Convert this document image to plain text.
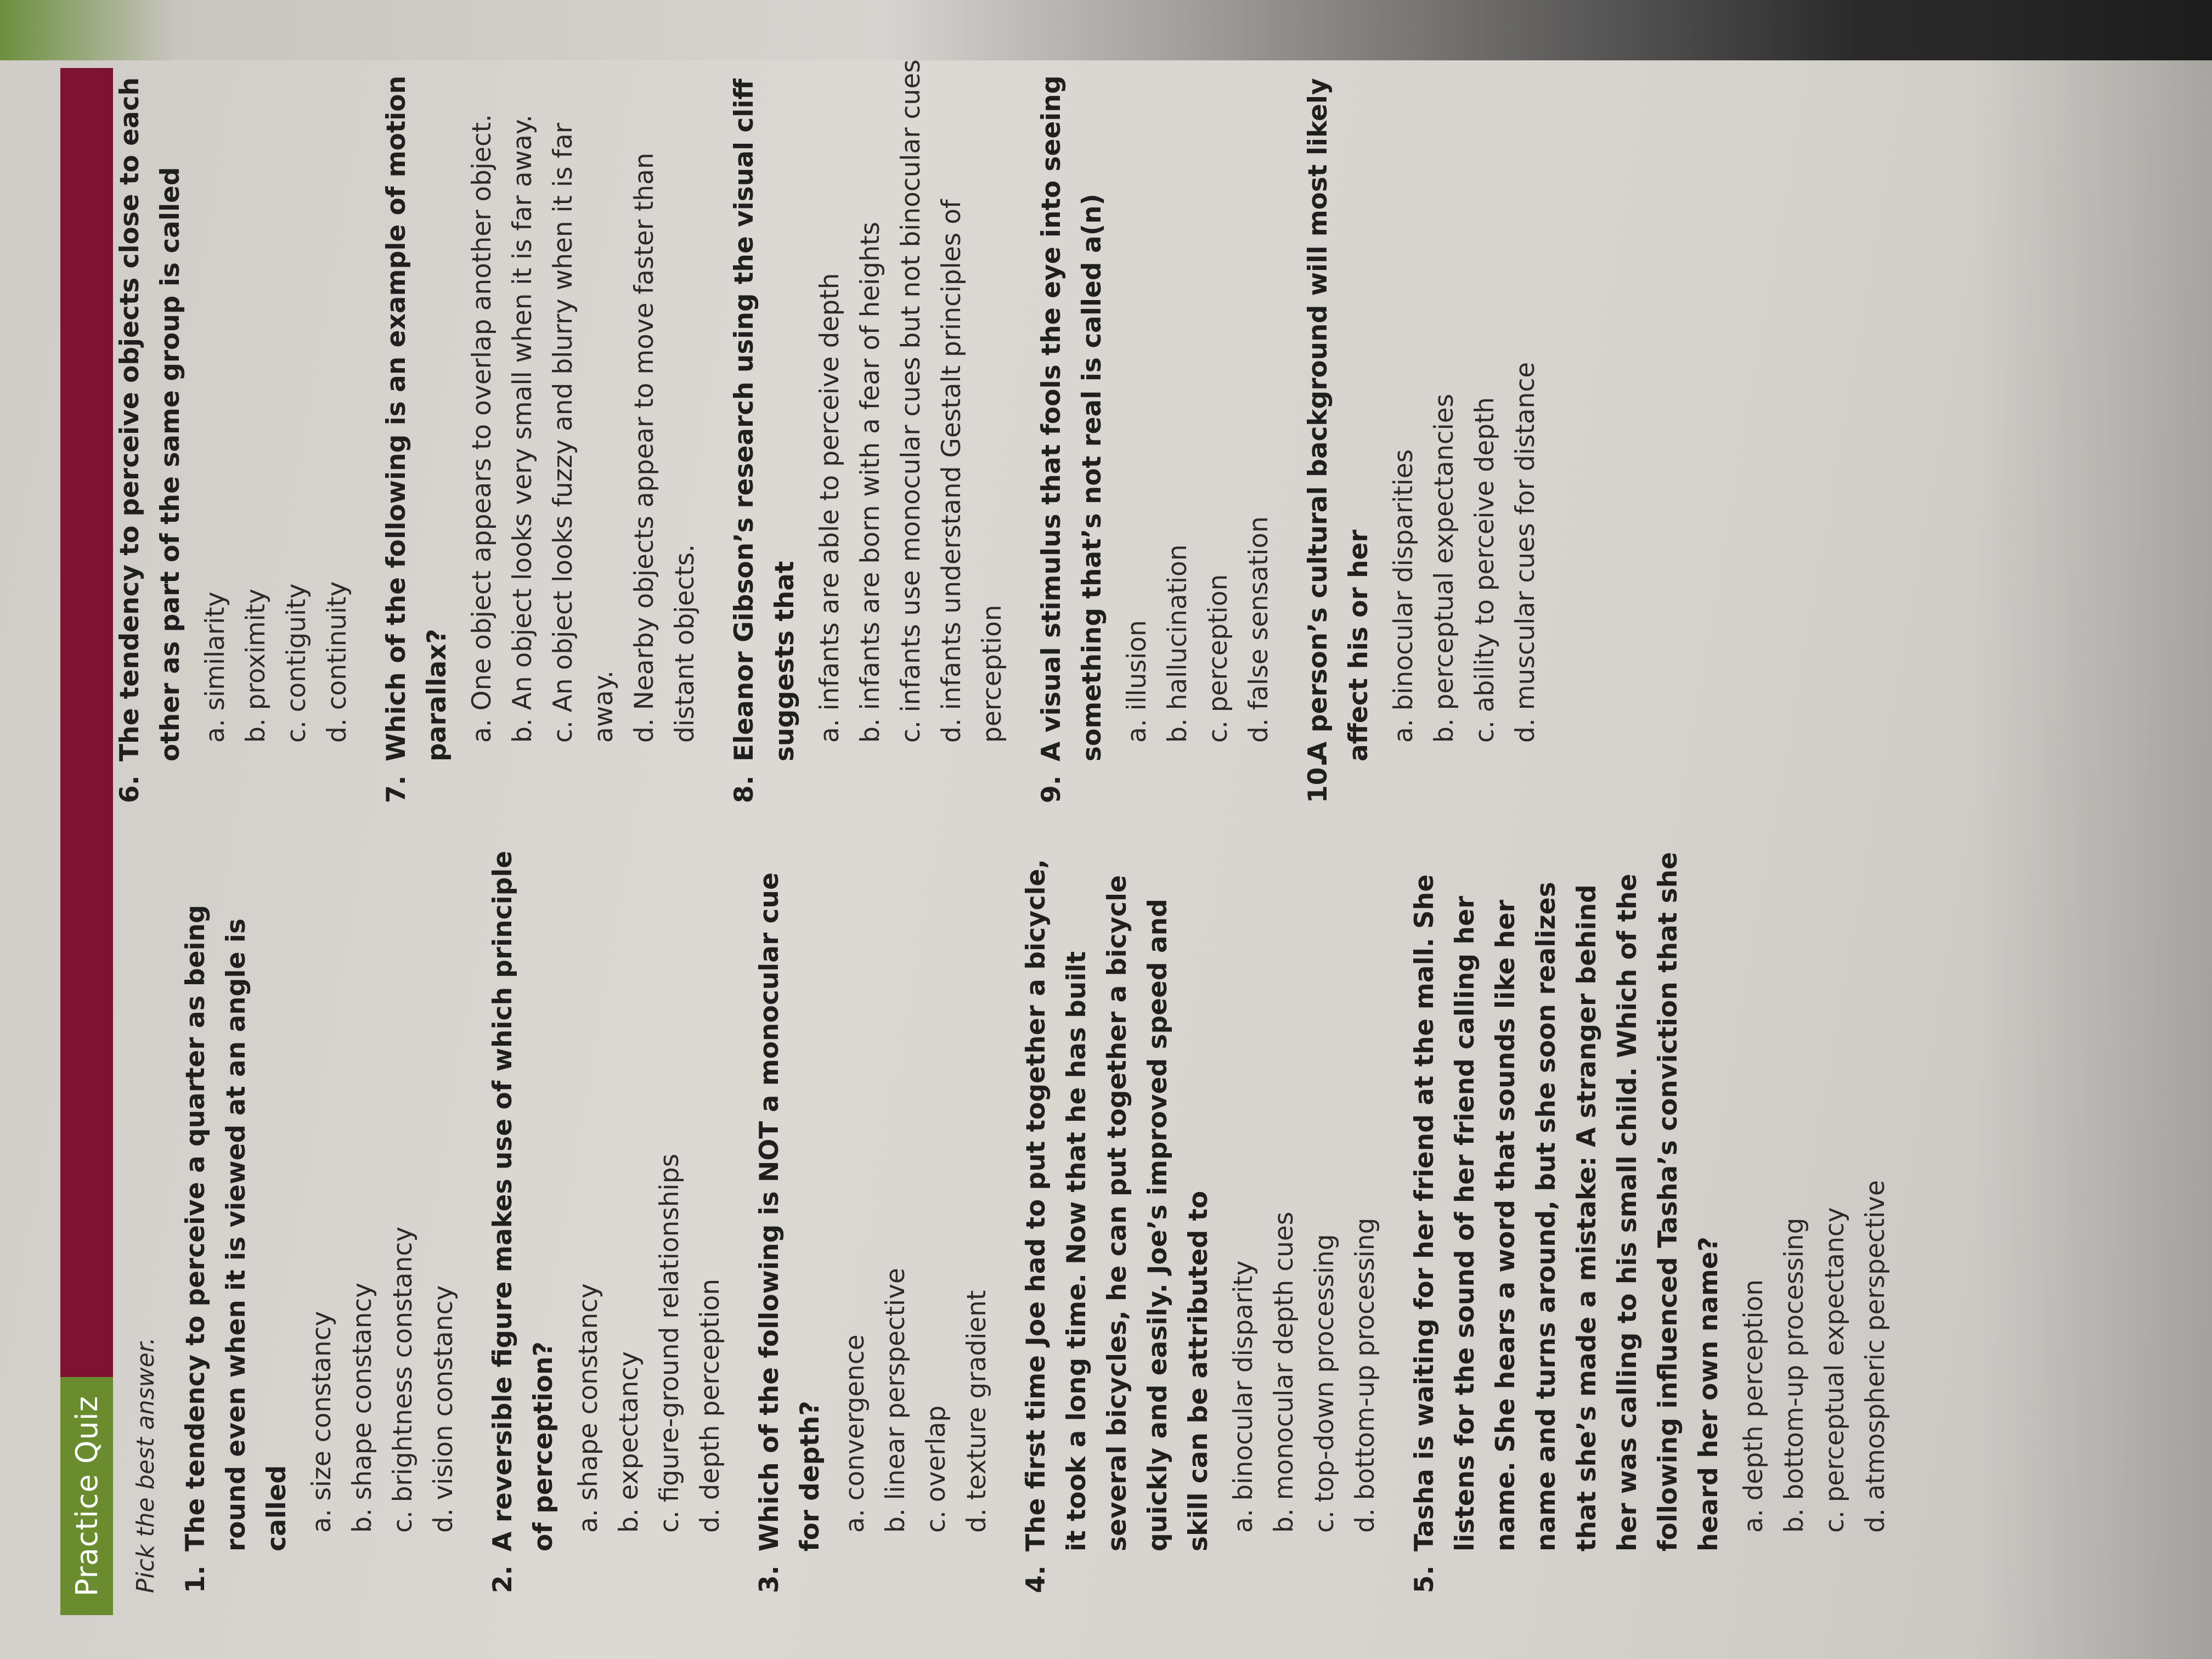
Practice Quiz	Pick the best answer. 1.
The tendency to perceive a quarter as being round even when it is viewed at an angle is called a. size constancy b. shape constancy c. brightness constancy d. vision constancy
2.
A reversible figure makes use of which principle of perception? a. shape constancy b. expectancy c. figure-ground relationships d. depth perception
3.
Which of the following is NOT a monocular cue for depth? a. convergence b. linear perspective c. overlap d. texture gradient
4.
The first time Joe had to put together a bicycle, it took a long time. Now that he has built several bicycles, he can put together a bicycle quickly and easily. Joe’s improved speed and skill can be attributed to a. binocular disparity b. monocular depth cues c. top-down processing d. bottom-up processing
5.
Tasha is waiting for her friend at the mall. She listens for the sound of her friend calling her name. She hears a word that sounds like her name and turns around, but she soon realizes that she’s made a mistake: A stranger behind her was calling to his small child. Which of the following influenced Tasha’s conviction that she heard her own name? a. depth perception b. bottom-up processing c. perceptual expectancy d. atmospheric perspective
6.
The tendency to perceive objects close to each other as part of the same group is called a. similarity b. proximity c. contiguity d. continuity
7.
Which of the following is an example of motion parallax? a. One object appears to overlap another object. b. An object looks very small when it is far away. c. An object looks fuzzy and blurry when it is far away. d. Nearby objects appear to move faster than distant objects.
8.
Eleanor Gibson’s research using the visual cliff suggests that a. infants are able to perceive depth b. infants are born with a fear of heights c. infants use monocular cues but not binocular cues d. infants understand Gestalt principles of perception
9.
A visual stimulus that fools the eye into seeing something that’s not real is called a(n) a. illusion b. hallucination c. perception d. false sensation
10.
A person’s cultural background will most likely affect his or her a. binocular disparities b. perceptual expectancies c. ability to perceive depth d. muscular cues for distance
